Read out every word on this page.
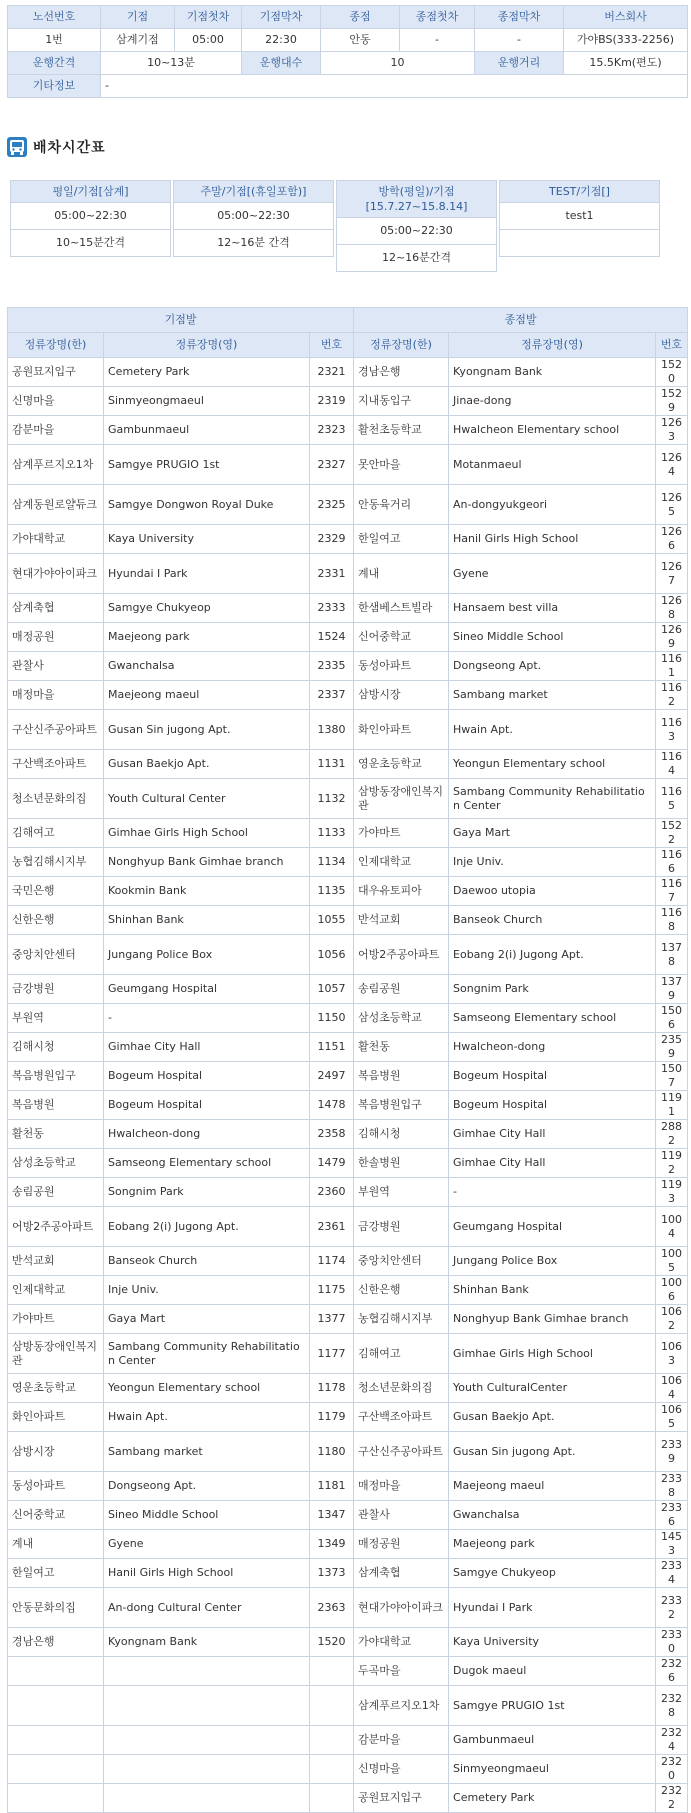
노선번호	기점	기점첫차	기점막차	종점	종점첫차	종점막차	버스회사
1번	삼계기점	05:00	22:30	안동	-	-	가야BS(333-2256)
운행간격	10~13분		운행대수	10		운행거리	15.5Km(편도)
기타정보	-						
배차시간표
평일/기점[삼계]
05:00~22:30
10~15분간격
주말/기점[(휴일포함)]
05:00~22:30
12~16분 간격
방학(평일)/기점 [15.7.27~15.8.14]
05:00~22:30
12~16분간격
TEST/기점[]
test1
기점발			종점발		
정류장명(한)	정류장명(영)	번호	정류장명(한)	정류장명(영)	번호
공원묘지입구	Cemetery Park	2321	경남은행	Kyongnam Bank	1520
신명마을	Sinmyeongmaeul	2319	지내동입구	Jinae-dong	1529
감분마을	Gambunmaeul	2323	활천초등학교	Hwalcheon Elementary school	1263
삼계푸르지오1차	Samgye PRUGIO 1st	2327	못안마을	Motanmaeul	1264
삼계동원로얄듀크	Samgye Dongwon Royal Duke	2325	안동육거리	An-dongyukgeori	1265
가야대학교	Kaya University	2329	한일여고	Hanil Girls High School	1266
현대가야아이파크	Hyundai I Park	2331	계내	Gyene	1267
삼계축협	Samgye Chukyeop	2333	한샘베스트빌라	Hansaem best villa	1268
매정공원	Maejeong park	1524	신어중학교	Sineo Middle School	1269
관찰사	Gwanchalsa	2335	동성아파트	Dongseong Apt.	1161
매정마을	Maejeong maeul	2337	삼방시장	Sambang market	1162
구산신주공아파트	Gusan Sin jugong Apt.	1380	화인아파트	Hwain Apt.	1163
구산백조아파트	Gusan Baekjo Apt.	1131	영운초등학교	Yeongun Elementary school	1164
청소년문화의집	Youth Cultural Center	1132	삼방동장애인복지관	Sambang Community Rehabilitation Center	1165
김해여고	Gimhae Girls High School	1133	가야마트	Gaya Mart	1522
농협김해시지부	Nonghyup Bank Gimhae branch	1134	인제대학교	Inje Univ.	1166
국민은행	Kookmin Bank	1135	대우유토피아	Daewoo utopia	1167
신한은행	Shinhan Bank	1055	반석교회	Banseok Church	1168
중앙치안센터	Jungang Police Box	1056	어방2주공아파트	Eobang 2(i) Jugong Apt.	1378
금강병원	Geumgang Hospital	1057	송림공원	Songnim Park	1379
부원역	-	1150	삼성초등학교	Samseong Elementary school	1506
김해시청	Gimhae City Hall	1151	활천동	Hwalcheon-dong	2359
복음병원입구	Bogeum Hospital	2497	복음병원	Bogeum Hospital	1507
복음병원	Bogeum Hospital	1478	복음병원입구	Bogeum Hospital	1191
활천동	Hwalcheon-dong	2358	김해시청	Gimhae City Hall	2882
삼성초등학교	Samseong Elementary school	1479	한솔병원	Gimhae City Hall	1192
송림공원	Songnim Park	2360	부원역	-	1193
어방2주공아파트	Eobang 2(i) Jugong Apt.	2361	금강병원	Geumgang Hospital	1004
반석교회	Banseok Church	1174	중앙치안센터	Jungang Police Box	1005
인제대학교	Inje Univ.	1175	신한은행	Shinhan Bank	1006
가야마트	Gaya Mart	1377	농협김해시지부	Nonghyup Bank Gimhae branch	1062
삼방동장애인복지관	Sambang Community Rehabilitation Center	1177	김해여고	Gimhae Girls High School	1063
영운초등학교	Yeongun Elementary school	1178	청소년문화의집	Youth CulturalCenter	1064
화인아파트	Hwain Apt.	1179	구산백조아파트	Gusan Baekjo Apt.	1065
삼방시장	Sambang market	1180	구산신주공아파트	Gusan Sin jugong Apt.	2339
동성아파트	Dongseong Apt.	1181	매정마을	Maejeong maeul	2338
신어중학교	Sineo Middle School	1347	관찰사	Gwanchalsa	2336
계내	Gyene	1349	매정공원	Maejeong park	1453
한일여고	Hanil Girls High School	1373	삼계축협	Samgye Chukyeop	2334
안동문화의집	An-dong Cultural Center	2363	현대가야아이파크	Hyundai I Park	2332
경남은행	Kyongnam Bank	1520	가야대학교	Kaya University	2330
			두곡마을	Dugok maeul	2326
			삼계푸르지오1차	Samgye PRUGIO 1st	2328
			감분마을	Gambunmaeul	2324
			신명마을	Sinmyeongmaeul	2320
			공원묘지입구	Cemetery Park	2322
